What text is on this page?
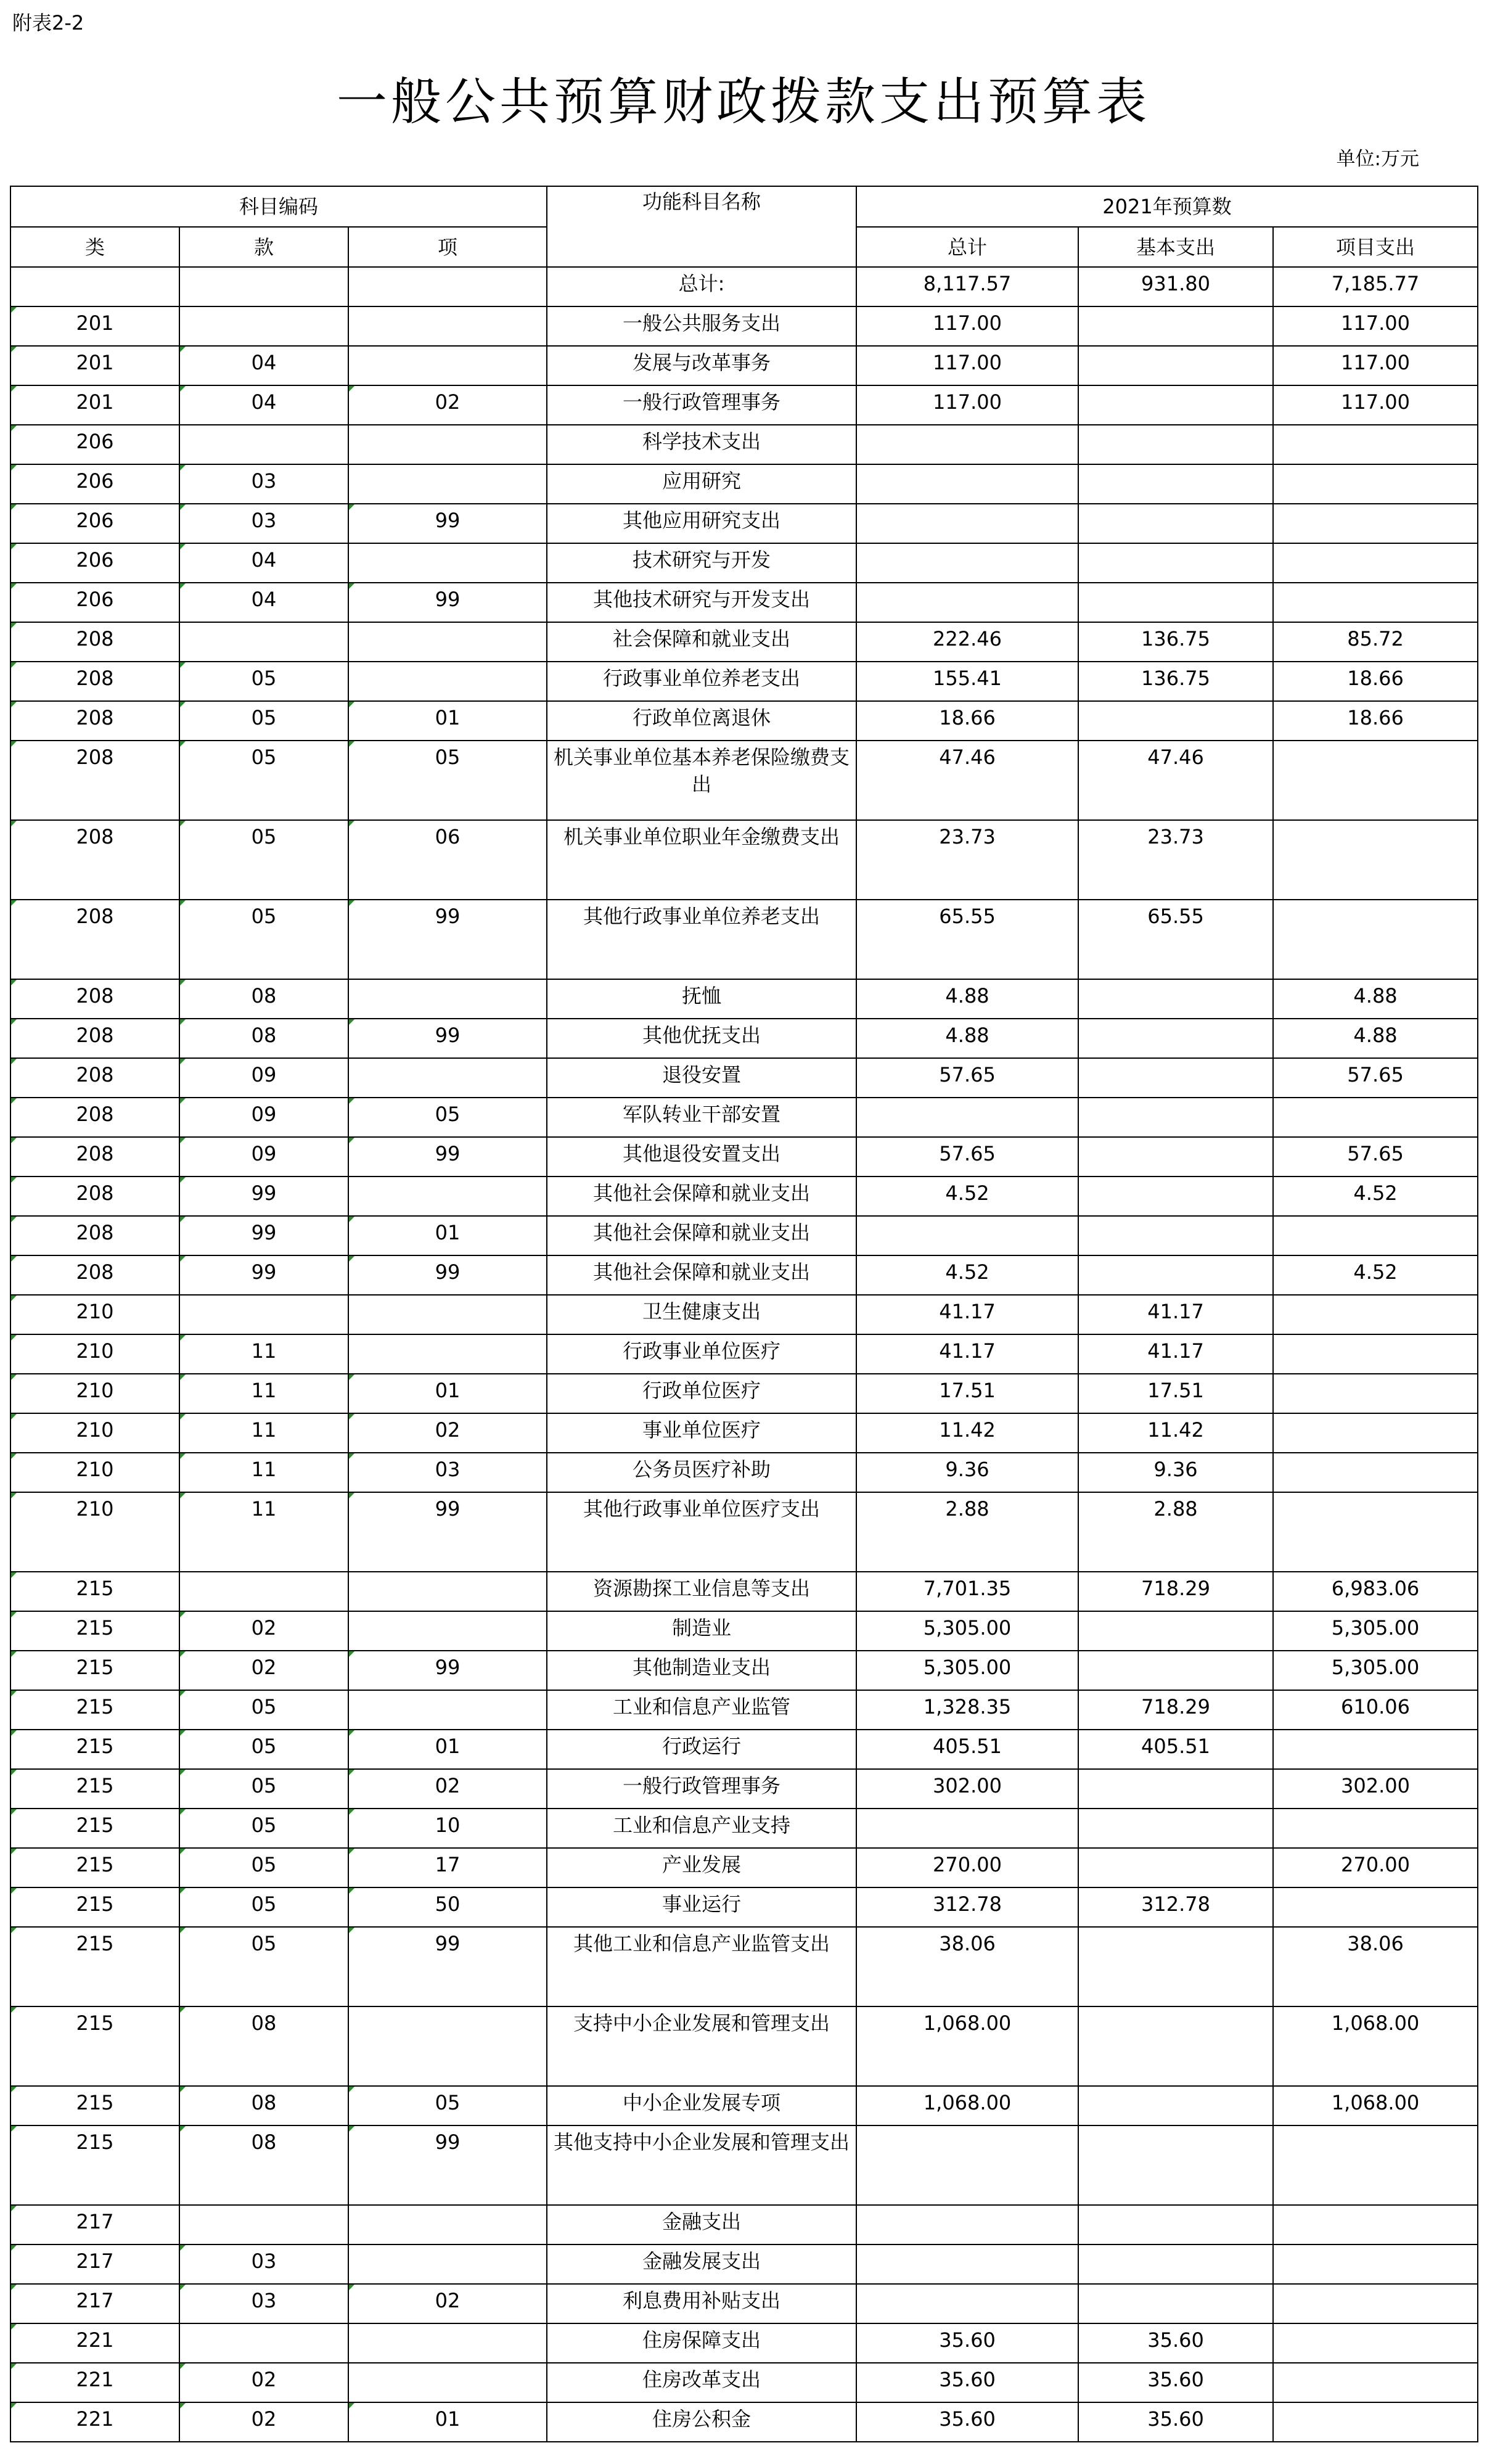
附表2-2
一般公共预算财政拨款支出预算表
单位:万元
科目编码			功能科目名称	2021年预算数		
类	款	项		总计	基本支出	项目支出
			总计:	8,117.57	931.80	7,185.77
201			一般公共服务支出	117.00		117.00
201	04		发展与改革事务	117.00		117.00
201	04	02	一般行政管理事务	117.00		117.00
206			科学技术支出			
206	03		应用研究			
206	03	99	其他应用研究支出			
206	04		技术研究与开发			
206	04	99	其他技术研究与开发支出			
208			社会保障和就业支出	222.46	136.75	85.72
208	05		行政事业单位养老支出	155.41	136.75	18.66
208	05	01	行政单位离退休	18.66		18.66
208	05	05	机关事业单位基本养老保险缴费支出	47.46	47.46	
208	05	06	机关事业单位职业年金缴费支出	23.73	23.73	
208	05	99	其他行政事业单位养老支出	65.55	65.55	
208	08		抚恤	4.88		4.88
208	08	99	其他优抚支出	4.88		4.88
208	09		退役安置	57.65		57.65
208	09	05	军队转业干部安置			
208	09	99	其他退役安置支出	57.65		57.65
208	99		其他社会保障和就业支出	4.52		4.52
208	99	01	其他社会保障和就业支出			
208	99	99	其他社会保障和就业支出	4.52		4.52
210			卫生健康支出	41.17	41.17	
210	11		行政事业单位医疗	41.17	41.17	
210	11	01	行政单位医疗	17.51	17.51	
210	11	02	事业单位医疗	11.42	11.42	
210	11	03	公务员医疗补助	9.36	9.36	
210	11	99	其他行政事业单位医疗支出	2.88	2.88	
215			资源勘探工业信息等支出	7,701.35	718.29	6,983.06
215	02		制造业	5,305.00		5,305.00
215	02	99	其他制造业支出	5,305.00		5,305.00
215	05		工业和信息产业监管	1,328.35	718.29	610.06
215	05	01	行政运行	405.51	405.51	
215	05	02	一般行政管理事务	302.00		302.00
215	05	10	工业和信息产业支持			
215	05	17	产业发展	270.00		270.00
215	05	50	事业运行	312.78	312.78	
215	05	99	其他工业和信息产业监管支出	38.06		38.06
215	08		支持中小企业发展和管理支出	1,068.00		1,068.00
215	08	05	中小企业发展专项	1,068.00		1,068.00
215	08	99	其他支持中小企业发展和管理支出			
217			金融支出			
217	03		金融发展支出			
217	03	02	利息费用补贴支出			
221			住房保障支出	35.60	35.60	
221	02		住房改革支出	35.60	35.60	
221	02	01	住房公积金	35.60	35.60	
